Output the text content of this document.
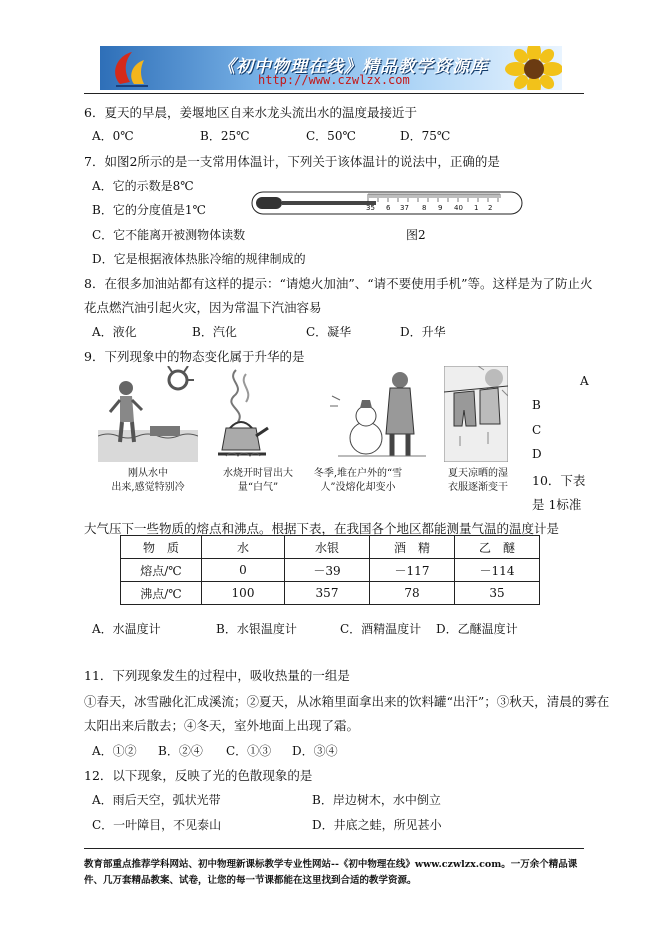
《初中物理在线》精品教学资源库
http://www.czwlzx.com
6．夏天的早晨，姜堰地区自来水龙头流出水的温度最接近于
A．0℃	B．25℃	C．50℃	D．75℃
7．如图2所示的是一支常用体温计，下列关于该体温计的说法中，正确的是
A．它的示数是8℃
B．它的分度值是1℃
C．它不能离开被测物体读数
D．它是根据液体热胀冷缩的规律制成的
35 6 37 8 9 40 1 2
图2
8．在很多加油站都有这样的提示：“请熄火加油”、“请不要使用手机”等。这样是为了防止火
花点燃汽油引起火灾，因为常温下汽油容易
A．液化	B．汽化	C．凝华	D．升华
9．下列现象中的物态变化属于升华的是
刚从水中
出来,感觉特别冷
水烧开时冒出大
量“白气”
冬季,堆在户外的“雪
人”没熔化却变小
夏天凉晒的湿
衣服逐渐变干
A
B
C
D
10．下表
是 1标准
大气压下一些物质的熔点和沸点。根据下表，在我国各个地区都能测量气温的温度计是
物　质	水	水银	酒　精	乙　醚
熔点/℃	0	－39	－117	－114
沸点/℃	100	357	78	35
A．水温度计	B．水银温度计	C．酒精温度计 D．乙醚温度计
11．下列现象发生的过程中，吸收热量的一组是
①春天，冰雪融化汇成溪流；②夏天，从冰箱里面拿出来的饮料罐“出汗”；③秋天，清晨的雾在
太阳出来后散去；④冬天，室外地面上出现了霜。
A．①② B．②④ C．①③ D．③④
12．以下现象，反映了光的色散现象的是
A．雨后天空，弧状光带	B．岸边树木，水中倒立
C．一叶障目，不见泰山	D．井底之蛙，所见甚小
教育部重点推荐学科网站、初中物理新课标教学专业性网站--《初中物理在线》www.czwlzx.com。一万余个精品课
件、几万套精品教案、试卷，让您的每一节课都能在这里找到合适的教学资源。
